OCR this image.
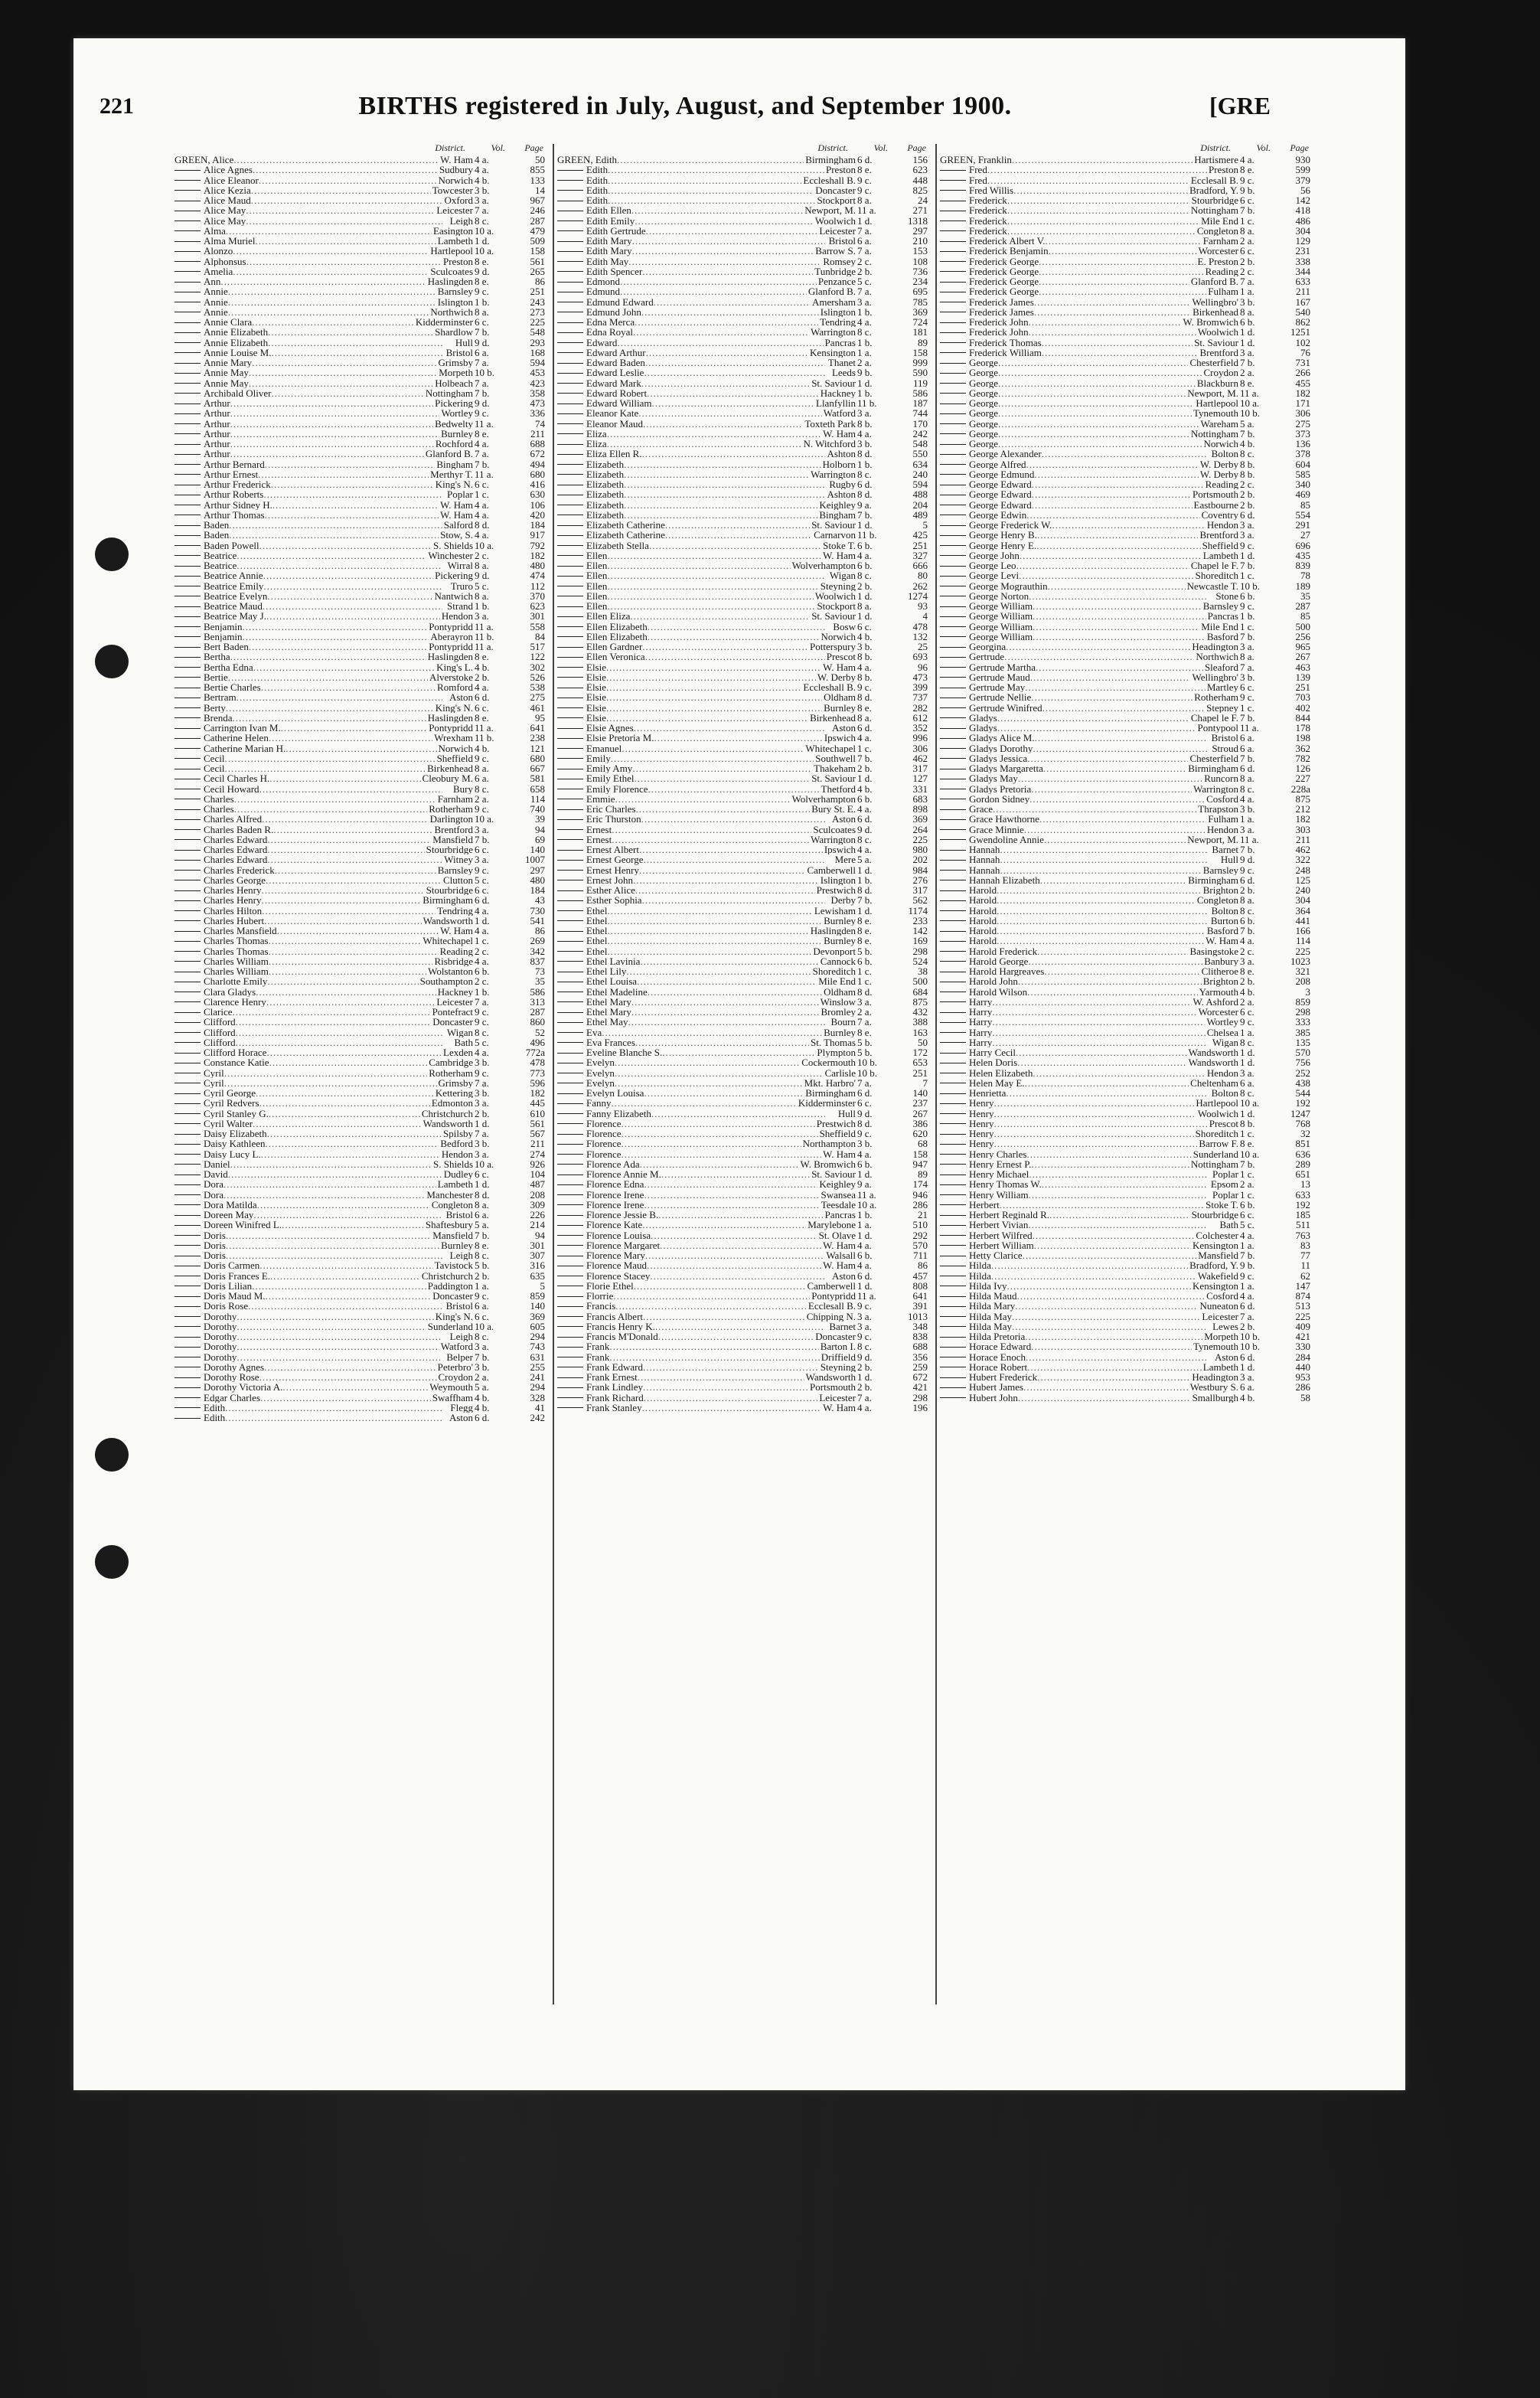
221	BIRTHS registered in July, August, and September 1900.	[GRE
District.	Vol. Page
GREEN, Alice .....	W. Ham 4 a.	50
Alice Agnes .....	Sudbury 4 a.	855
Alice Eleanor .....	Norwich 4 b.	133
Alice Kezia .....	Towcester 3 b.	14
Alice Maud .....	Oxford 3 a.	967
Alice May .....	Leicester 7 a.	246
Alice May .....	Leigh 8 c.	287
Alma .....	Easington 10 a.	479
Alma Muriel .....	Lambeth 1 d.	509
Alonzo .....	Hartlepool 10 a.	158
Alphonsus .....	Preston 8 e.	561
Amelia .....	Sculcoates 9 d.	265
Ann .....	Haslingden 8 e.	86
Annie .....	Barnsley 9 c.	251
Annie .....	Islington 1 b.	243
Annie .....	Northwich 8 a.	273
Annie Clara .....	Kidderminster 6 c.	225
Annie Elizabeth .....	Shardlow 7 b.	548
Annie Elizabeth .....	Hull 9 d.	293
Annie Louise M. .....	Bristol 6 a.	168
Annie Mary .....	Grimsby 7 a.	594
Annie May .....	Morpeth 10 b.	453
Annie May .....	Holbeach 7 a.	423
Archibald Oliver .....	Nottingham 7 b.	358
Arthur .....	Pickering 9 d.	473
Arthur .....	Wortley 9 c.	336
Arthur .....	Bedwelty 11 a.	74
Arthur .....	Burnley 8 e.	211
Arthur .....	Rochford 4 a.	688
Arthur .....	Glanford B. 7 a.	672
Arthur Bernard .....	Bingham 7 b.	494
Arthur Ernest .....	Merthyr T. 11 a.	680
Arthur Frederick .....	King's N. 6 c.	416
Arthur Roberts .....	Poplar 1 c.	630
Arthur Sidney H. .....	W. Ham 4 a.	106
Arthur Thomas .....	W. Ham 4 a.	420
Baden .....	Salford 8 d.	184
Baden .....	Stow, S. 4 a.	917
Baden Powell .....	S. Shields 10 a.	792
Beatrice .....	Winchester 2 c.	182
Beatrice .....	Wirral 8 a.	480
Beatrice Annie .....	Pickering 9 d.	474
Beatrice Emily .....	Truro 5 c.	112
Beatrice Evelyn .....	Nantwich 8 a.	370
Beatrice Maud .....	Strand 1 b.	623
Beatrice May J. .....	Hendon 3 a.	301
Benjamin .....	Pontypridd 11 a.	558
Benjamin .....	Aberayron 11 b.	84
Bert Baden .....	Pontypridd 11 a.	517
Bertha .....	Haslingden 8 e.	122
Bertha Edna .....	King's L. 4 b.	302
Bertie .....	Alverstoke 2 b.	526
Bertie Charles .....	Romford 4 a.	538
Bertram .....	Aston 6 d.	275
Berty .....	King's N. 6 c.	461
Brenda .....	Haslingden 8 e.	95
Carrington Ivan M. .....	Pontypridd 11 a.	641
Catherine Helen .....	Wrexham 11 b.	238
Catherine Marian H. .....	Norwich 4 b.	121
Cecil .....	Sheffield 9 c.	680
Cecil .....	Birkenhead 8 a.	667
Cecil Charles H. .....	Cleobury M. 6 a.	581
Cecil Howard .....	Bury 8 c.	658
Charles .....	Farnham 2 a.	114
Charles .....	Rotherham 9 c.	740
Charles Alfred .....	Darlington 10 a.	39
Charles Baden R. .....	Brentford 3 a.	94
Charles Edward .....	Mansfield 7 b.	69
Charles Edward .....	Stourbridge 6 c.	140
Charles Edward .....	Witney 3 a.	1007
Charles Frederick .....	Barnsley 9 c.	297
Charles George .....	Clutton 5 c.	480
Charles Henry .....	Stourbridge 6 c.	184
Charles Henry .....	Birmingham 6 d.	43
Charles Hilton .....	Tendring 4 a.	730
Charles Hubert .....	Wandsworth 1 d.	541
Charles Mansfield .....	W. Ham 4 a.	86
Charles Thomas .....	Whitechapel 1 c.	269
Charles Thomas .....	Reading 2 c.	342
Charles William .....	Risbridge 4 a.	837
Charles William .....	Wolstanton 6 b.	73
Charlotte Emily .....	Southampton 2 c.	35
Clara Gladys .....	Hackney 1 b.	586
Clarence Henry .....	Leicester 7 a.	313
Clarice .....	Pontefract 9 c.	287
Clifford .....	Doncaster 9 c.	860
Clifford .....	Wigan 8 c.	52
Clifford .....	Bath 5 c.	496
Clifford Horace .....	Lexden 4 a.	772a
Constance Katie .....	Cambridge 3 b.	478
Cyril .....	Rotherham 9 c.	773
Cyril .....	Grimsby 7 a.	596
Cyril George .....	Kettering 3 b.	182
Cyril Redvers .....	Edmonton 3 a.	445
Cyril Stanley G. .....	Christchurch 2 b.	610
Cyril Walter .....	Wandsworth 1 d.	561
Daisy Elizabeth .....	Spilsby 7 a.	567
Daisy Kathleen .....	Bedford 3 b.	211
Daisy Lucy L. .....	Hendon 3 a.	274
Daniel .....	S. Shields 10 a.	926
David .....	Dudley 6 c.	104
Dora .....	Lambeth 1 d.	487
Dora .....	Manchester 8 d.	208
Dora Matilda .....	Congleton 8 a.	309
Doreen May .....	Bristol 6 a.	226
Doreen Winifred L. .....	Shaftesbury 5 a.	214
Doris .....	Mansfield 7 b.	94
Doris .....	Burnley 8 e.	301
Doris .....	Leigh 8 c.	307
Doris Carmen .....	Tavistock 5 b.	316
Doris Frances E. .....	Christchurch 2 b.	635
Doris Lilian .....	Paddington 1 a.	5
Doris Maud M. .....	Doncaster 9 c.	859
Doris Rose .....	Bristol 6 a.	140
Dorothy .....	King's N. 6 c.	369
Dorothy .....	Sunderland 10 a.	605
Dorothy .....	Leigh 8 c.	294
Dorothy .....	Watford 3 a.	743
Dorothy .....	Belper 7 b.	631
Dorothy Agnes .....	Peterbro' 3 b.	255
Dorothy Rose .....	Croydon 2 a.	241
Dorothy Victoria A. .....	Weymouth 5 a.	294
Edgar Charles .....	Swaffham 4 b.	328
Edith .....	Flegg 4 b.	41
Edith .....	Aston 6 d.	242
District.	Vol. Page
GREEN, Edith .....	Birmingham 6 d.	156
Edith .....	Preston 8 e.	623
Edith .....	Eccleshall B. 9 c.	448
Edith .....	Doncaster 9 c.	825
Edith .....	Stockport 8 a.	24
Edith Ellen .....	Newport, M. 11 a.	271
Edith Emily .....	Woolwich 1 d.	1318
Edith Gertrude .....	Leicester 7 a.	297
Edith Mary .....	Bristol 6 a.	210
Edith Mary .....	Barrow S. 7 a.	153
Edith May .....	Romsey 2 c.	108
Edith Spencer .....	Tunbridge 2 b.	736
Edmond .....	Penzance 5 c.	234
Edmund .....	Glanford B. 7 a.	695
Edmund Edward .....	Amersham 3 a.	785
Edmund John .....	Islington 1 b.	369
Edna Merca .....	Tendring 4 a.	724
Edna Royal .....	Warrington 8 c.	181
Edward .....	Pancras 1 b.	89
Edward Arthur .....	Kensington 1 a.	158
Edward Baden .....	Thanet 2 a.	999
Edward Leslie .....	Leeds 9 b.	590
Edward Mark .....	St. Saviour 1 d.	119
Edward Robert .....	Hackney 1 b.	586
Edward William .....	Llanfyllin 11 b.	187
Eleanor Kate .....	Watford 3 a.	744
Eleanor Maud .....	Toxteth Park 8 b.	170
Eliza .....	W. Ham 4 a.	242
Eliza .....	N. Witchford 3 b.	548
Eliza Ellen R. .....	Ashton 8 d.	550
Elizabeth .....	Holborn 1 b.	634
Elizabeth .....	Warrington 8 c.	240
Elizabeth .....	Rugby 6 d.	594
Elizabeth .....	Ashton 8 d.	488
Elizabeth .....	Keighley 9 a.	204
Elizabeth .....	Bingham 7 b.	489
Elizabeth Catherine .....	St. Saviour 1 d.	5
Elizabeth Catherine .....	Carnarvon 11 b.	425
Elizabeth Stella .....	Stoke T. 6 b.	251
Ellen .....	W. Ham 4 a.	327
Ellen .....	Wolverhampton 6 b.	666
Ellen .....	Wigan 8 c.	80
Ellen .....	Steyning 2 b.	262
Ellen .....	Woolwich 1 d.	1274
Ellen .....	Stockport 8 a.	93
Ellen Eliza .....	St. Saviour 1 d.	4
Ellen Elizabeth .....	Bosw 6 c.	478
Ellen Elizabeth .....	Norwich 4 b.	132
Ellen Gardner .....	Potterspury 3 b.	25
Ellen Veronica .....	Prescot 8 b.	693
Elsie .....	W. Ham 4 a.	96
Elsie .....	W. Derby 8 b.	473
Elsie .....	Eccleshall B. 9 c.	399
Elsie .....	Oldham 8 d.	737
Elsie .....	Burnley 8 e.	282
Elsie .....	Birkenhead 8 a.	612
Elsie Agnes .....	Aston 6 d.	352
Elsie Pretoria M. .....	Ipswich 4 a.	996
Emanuel .....	Whitechapel 1 c.	306
Emily .....	Southwell 7 b.	462
Emily Amy .....	Thakeham 2 b.	317
Emily Ethel .....	St. Saviour 1 d.	127
Emily Florence .....	Thetford 4 b.	331
Emmie .....	Wolverhampton 6 b.	683
Eric Charles .....	Bury St. E. 4 a.	898
Eric Thurston .....	Aston 6 d.	369
Ernest .....	Sculcoates 9 d.	264
Ernest .....	Warrington 8 c.	225
Ernest Albert .....	Ipswich 4 a.	980
Ernest George .....	Mere 5 a.	202
Ernest Henry .....	Camberwell 1 d.	984
Ernest John .....	Islington 1 b.	276
Esther Alice .....	Prestwich 8 d.	317
Esther Sophia .....	Derby 7 b.	562
Ethel .....	Lewisham 1 d.	1174
Ethel .....	Burnley 8 e.	233
Ethel .....	Haslingden 8 e.	142
Ethel .....	Burnley 8 e.	169
Ethel .....	Devonport 5 b.	298
Ethel Lavinia .....	Cannock 6 b.	524
Ethel Lily .....	Shoreditch 1 c.	38
Ethel Louisa .....	Mile End 1 c.	500
Ethel Madeline .....	Oldham 8 d.	684
Ethel Mary .....	Winslow 3 a.	875
Ethel Mary .....	Bromley 2 a.	432
Ethel May .....	Bourn 7 a.	388
Eva .....	Burnley 8 e.	163
Eva Frances .....	St. Thomas 5 b.	50
Eveline Blanche S. .....	Plympton 5 b.	172
Evelyn .....	Cockermouth 10 b.	653
Evelyn .....	Carlisle 10 b.	251
Evelyn .....	Mkt. Harbro' 7 a.	7
Evelyn Louisa .....	Birmingham 6 d.	140
Fanny .....	Kidderminster 6 c.	237
Fanny Elizabeth .....	Hull 9 d.	267
Florence .....	Prestwich 8 d.	386
Florence .....	Sheffield 9 c.	620
Florence .....	Northampton 3 b.	68
Florence .....	W. Ham 4 a.	158
Florence Ada .....	W. Bromwich 6 b.	947
Florence Annie M. .....	St. Saviour 1 d.	89
Florence Edna .....	Keighley 9 a.	174
Florence Irene .....	Swansea 11 a.	946
Florence Irene .....	Teesdale 10 a.	286
Florence Jessie B. .....	Pancras 1 b.	21
Florence Kate .....	Marylebone 1 a.	510
Florence Louisa .....	St. Olave 1 d.	292
Florence Margaret .....	W. Ham 4 a.	570
Florence Mary .....	Walsall 6 b.	711
Florence Maud .....	W. Ham 4 a.	86
Florence Stacey .....	Aston 6 d.	457
Florie Ethel .....	Camberwell 1 d.	808
Florrie .....	Pontypridd 11 a.	641
Francis .....	Ecclesall B. 9 c.	391
Francis Albert .....	Chipping N. 3 a.	1013
Francis Henry K. .....	Barnet 3 a.	348
Francis M'Donald .....	Doncaster 9 c.	838
Frank .....	Barton I. 8 c.	688
Frank .....	Driffield 9 d.	356
Frank Edward .....	Steyning 2 b.	259
Frank Ernest .....	Wandsworth 1 d.	672
Frank Lindley .....	Portsmouth 2 b.	421
Frank Richard .....	Leicester 7 a.	298
Frank Stanley .....	W. Ham 4 a.	196
District.	Vol. Page
GREEN, Franklin .....	Hartismere 4 a.	930
Fred .....	Preston 8 e.	599
Fred .....	Ecclesall B. 9 c.	379
Fred Willis .....	Bradford, Y. 9 b.	56
Frederick .....	Stourbridge 6 c.	142
Frederick .....	Nottingham 7 b.	418
Frederick .....	Mile End 1 c.	486
Frederick .....	Congleton 8 a.	304
Frederick Albert V. .....	Farnham 2 a.	129
Frederick Benjamin .....	Worcester 6 c.	231
Frederick George .....	E. Preston 2 b.	338
Frederick George .....	Reading 2 c.	344
Frederick George .....	Glanford B. 7 a.	633
Frederick George .....	Fulham 1 a.	211
Frederick James .....	Wellingbro' 3 b.	167
Frederick James .....	Birkenhead 8 a.	540
Frederick John .....	W. Bromwich 6 b.	862
Frederick John .....	Woolwich 1 d.	1251
Frederick Thomas .....	St. Saviour 1 d.	102
Frederick William .....	Brentford 3 a.	76
George .....	Chesterfield 7 b.	731
George .....	Croydon 2 a.	266
George .....	Blackburn 8 e.	455
George .....	Newport, M. 11 a.	182
George .....	Hartlepool 10 a.	171
George .....	Tynemouth 10 b.	306
George .....	Wareham 5 a.	275
George .....	Nottingham 7 b.	373
George .....	Norwich 4 b.	136
George Alexander .....	Bolton 8 c.	378
George Alfred .....	W. Derby 8 b.	604
George Edmund .....	W. Derby 8 b.	585
George Edward .....	Reading 2 c.	340
George Edward .....	Portsmouth 2 b.	469
George Edward .....	Eastbourne 2 b.	85
George Edwin .....	Coventry 6 d.	554
George Frederick W. .....	Hendon 3 a.	291
George Henry B. .....	Brentford 3 a.	27
George Henry E. .....	Sheffield 9 c.	696
George John .....	Lambeth 1 d.	435
George Leo .....	Chapel le F. 7 b.	839
George Levi .....	Shoreditch 1 c.	78
George Mograuthin .....	Newcastle T. 10 b.	189
George Norton .....	Stone 6 b.	35
George William .....	Barnsley 9 c.	287
George William .....	Pancras 1 b.	85
George William .....	Mile End 1 c.	500
George William .....	Basford 7 b.	256
Georgina .....	Headington 3 a.	965
Gertrude .....	Northwich 8 a.	267
Gertrude Martha .....	Sleaford 7 a.	463
Gertrude Maud .....	Wellingbro' 3 b.	139
Gertrude May .....	Martley 6 c.	251
Gertrude Nellie .....	Rotherham 9 c.	703
Gertrude Winifred .....	Stepney 1 c.	402
Gladys .....	Chapel le F. 7 b.	844
Gladys .....	Pontypool 11 a.	178
Gladys Alice M. .....	Bristol 6 a.	198
Gladys Dorothy .....	Stroud 6 a.	362
Gladys Jessica .....	Chesterfield 7 b.	782
Gladys Margaretta .....	Birmingham 6 d.	126
Gladys May .....	Runcorn 8 a.	227
Gladys Pretoria .....	Warrington 8 c.	228a
Gordon Sidney .....	Cosford 4 a.	875
Grace .....	Thrapston 3 b.	212
Grace Hawthorne .....	Fulham 1 a.	182
Grace Minnie .....	Hendon 3 a.	303
Gwendoline Annie .....	Newport, M. 11 a.	211
Hannah .....	Barnet 7 b.	462
Hannah .....	Hull 9 d.	322
Hannah .....	Barnsley 9 c.	248
Hannah Elizabeth .....	Birmingham 6 d.	125
Harold .....	Brighton 2 b.	240
Harold .....	Congleton 8 a.	304
Harold .....	Bolton 8 c.	364
Harold .....	Burton 6 b.	441
Harold .....	Basford 7 b.	166
Harold .....	W. Ham 4 a.	114
Harold Frederick .....	Basingstoke 2 c.	225
Harold George .....	Banbury 3 a.	1023
Harold Hargreaves .....	Clitheroe 8 e.	321
Harold John .....	Brighton 2 b.	208
Harold Wilson .....	Yarmouth 4 b.	3
Harry .....	W. Ashford 2 a.	859
Harry .....	Worcester 6 c.	298
Harry .....	Wortley 9 c.	333
Harry .....	Chelsea 1 a.	385
Harry .....	Wigan 8 c.	135
Harry Cecil .....	Wandsworth 1 d.	570
Helen Doris .....	Wandsworth 1 d.	756
Helen Elizabeth .....	Hendon 3 a.	252
Helen May E. .....	Cheltenham 6 a.	438
Henrietta .....	Bolton 8 c.	544
Henry .....	Hartlepool 10 a.	192
Henry .....	Woolwich 1 d.	1247
Henry .....	Prescot 8 b.	768
Henry .....	Shoreditch 1 c.	32
Henry .....	Barrow F. 8 e.	851
Henry Charles .....	Sunderland 10 a.	636
Henry Ernest P. .....	Nottingham 7 b.	289
Henry Michael .....	Poplar 1 c.	651
Henry Thomas W. .....	Epsom 2 a.	13
Henry William .....	Poplar 1 c.	633
Herbert .....	Stoke T. 6 b.	192
Herbert Reginald R. .....	Stourbridge 6 c.	185
Herbert Vivian .....	Bath 5 c.	511
Herbert Wilfred .....	Colchester 4 a.	763
Herbert William .....	Kensington 1 a.	83
Hetty Clarice .....	Mansfield 7 b.	77
Hilda .....	Bradford, Y. 9 b.	11
Hilda .....	Wakefield 9 c.	62
Hilda Ivy .....	Kensington 1 a.	147
Hilda Maud .....	Cosford 4 a.	874
Hilda Mary .....	Nuneaton 6 d.	513
Hilda May .....	Leicester 7 a.	225
Hilda May .....	Lewes 2 b.	409
Hilda Pretoria .....	Morpeth 10 b.	421
Horace Edward .....	Tynemouth 10 b.	330
Horace Enoch .....	Aston 6 d.	284
Horace Robert .....	Lambeth 1 d.	440
Hubert Frederick .....	Headington 3 a.	953
Hubert James .....	Westbury S. 6 a.	286
Hubert John .....	Smallburgh 4 b.	58
